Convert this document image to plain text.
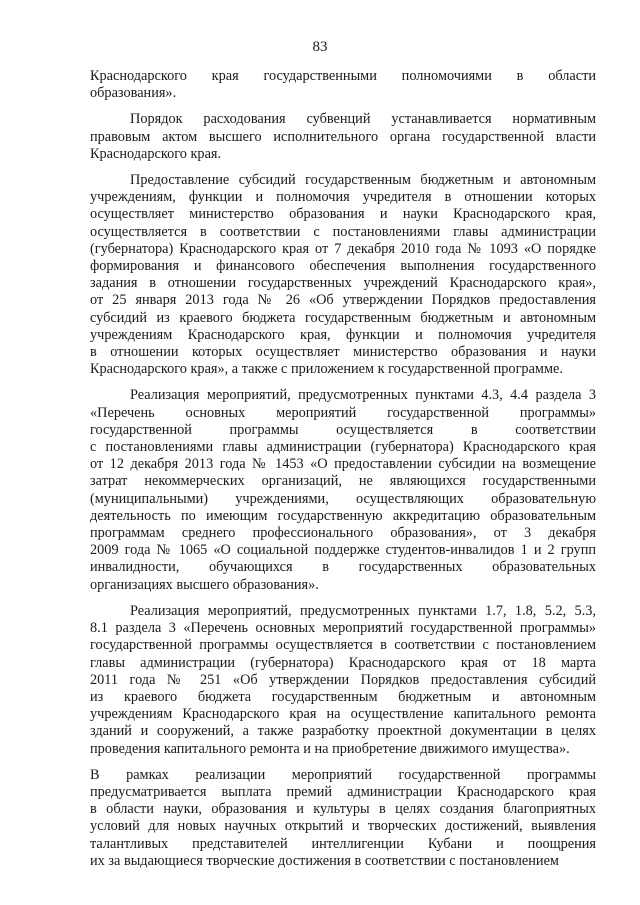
83
Краснодарского края государственными полномочиями в области
образования».
Порядок расходования субвенций устанавливается нормативным
правовым актом высшего исполнительного органа государственной власти
Краснодарского края.
Предоставление субсидий государственным бюджетным и автономным
учреждениям, функции и полномочия учредителя в отношении которых
осуществляет министерство образования и науки Краснодарского края,
осуществляется в соответствии с постановлениями главы администрации
(губернатора) Краснодарского края от 7 декабря 2010 года № 1093 «О порядке
формирования и финансового обеспечения выполнения государственного
задания в отношении государственных учреждений Краснодарского края»,
от 25 января 2013 года № 26 «Об утверждении Порядков предоставления
субсидий из краевого бюджета государственным бюджетным и автономным
учреждениям Краснодарского края, функции и полномочия учредителя
в отношении которых осуществляет министерство образования и науки
Краснодарского края», а также с приложением к государственной программе.
Реализация мероприятий, предусмотренных пунктами 4.3, 4.4 раздела 3
«Перечень основных мероприятий государственной программы»
государственной программы осуществляется в соответствии
с постановлениями главы администрации (губернатора) Краснодарского края
от 12 декабря 2013 года № 1453 «О предоставлении субсидии на возмещение
затрат некоммерческих организаций, не являющихся государственными
(муниципальными) учреждениями, осуществляющих образовательную
деятельность по имеющим государственную аккредитацию образовательным
программам среднего профессионального образования», от 3 декабря
2009 года № 1065 «О социальной поддержке студентов-инвалидов 1 и 2 групп
инвалидности, обучающихся в государственных образовательных
организациях высшего образования».
Реализация мероприятий, предусмотренных пунктами 1.7, 1.8, 5.2, 5.3,
8.1 раздела 3 «Перечень основных мероприятий государственной программы»
государственной программы осуществляется в соответствии с постановлением
главы администрации (губернатора) Краснодарского края от 18 марта
2011 года № 251 «Об утверждении Порядков предоставления субсидий
из краевого бюджета государственным бюджетным и автономным
учреждениям Краснодарского края на осуществление капитального ремонта
зданий и сооружений, а также разработку проектной документации в целях
проведения капитального ремонта и на приобретение движимого имущества».
В рамках реализации мероприятий государственной программы
предусматривается выплата премий администрации Краснодарского края
в области науки, образования и культуры в целях создания благоприятных
условий для новых научных открытий и творческих достижений, выявления
талантливых представителей интеллигенции Кубани и поощрения
их за выдающиеся творческие достижения в соответствии с постановлением
